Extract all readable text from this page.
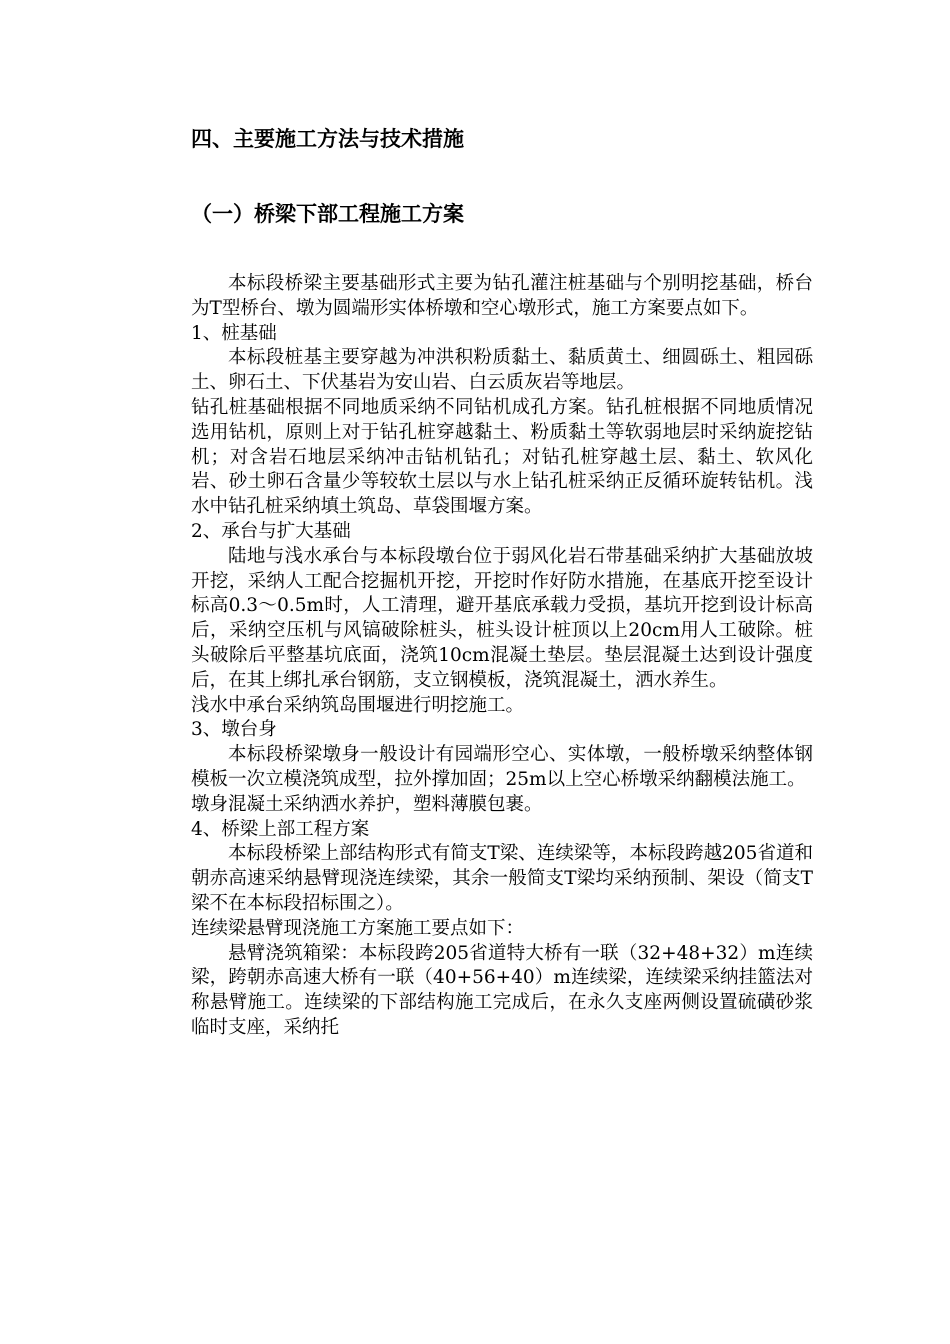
四、主要施工方法与技术措施
（一）桥梁下部工程施工方案

本标段桥梁主要基础形式主要为钻孔灌注桩基础与个别明挖基础，桥台为T型桥台、墩为圆端形实体桥墩和空心墩形式，施工方案要点如下。

1、桩基础

本标段桩基主要穿越为冲洪积粉质黏土、黏质黄土、细圆砾土、粗园砾土、卵石土、下伏基岩为安山岩、白云质灰岩等地层。

钻孔桩基础根据不同地质采纳不同钻机成孔方案。钻孔桩根据不同地质情况选用钻机，原则上对于钻孔桩穿越黏土、粉质黏土等软弱地层时采纳旋挖钻机；对含岩石地层采纳冲击钻机钻孔；对钻孔桩穿越土层、黏土、软风化岩、砂土卵石含量少等较软土层以与水上钻孔桩采纳正反循环旋转钻机。浅水中钻孔桩采纳填土筑岛、草袋围堰方案。

2、承台与扩大基础

陆地与浅水承台与本标段墩台位于弱风化岩石带基础采纳扩大基础放坡开挖，采纳人工配合挖掘机开挖，开挖时作好防水措施，在基底开挖至设计标高0.3～0.5m时，人工清理，避开基底承载力受损，基坑开挖到设计标高后，采纳空压机与风镐破除桩头，桩头设计桩顶以上20cm用人工破除。桩头破除后平整基坑底面，浇筑10cm混凝土垫层。垫层混凝土达到设计强度后，在其上绑扎承台钢筋，支立钢模板，浇筑混凝土，洒水养生。

浅水中承台采纳筑岛围堰进行明挖施工。

3、墩台身

本标段桥梁墩身一般设计有园端形空心、实体墩，一般桥墩采纳整体钢模板一次立模浇筑成型，拉外撑加固；25m以上空心桥墩采纳翻模法施工。

墩身混凝土采纳洒水养护，塑料薄膜包裹。

4、桥梁上部工程方案

本标段桥梁上部结构形式有简支T梁、连续梁等，本标段跨越205省道和朝赤高速采纳悬臂现浇连续梁，其余一般简支T梁均采纳预制、架设（简支T梁不在本标段招标围之）。

连续梁悬臂现浇施工方案施工要点如下：

悬臂浇筑箱梁：本标段跨205省道特大桥有一联（32+48+32）m连续梁，跨朝赤高速大桥有一联（40+56+40）m连续梁，连续梁采纳挂篮法对称悬臂施工。连续梁的下部结构施工完成后，在永久支座两侧设置硫磺砂浆临时支座，采纳托
